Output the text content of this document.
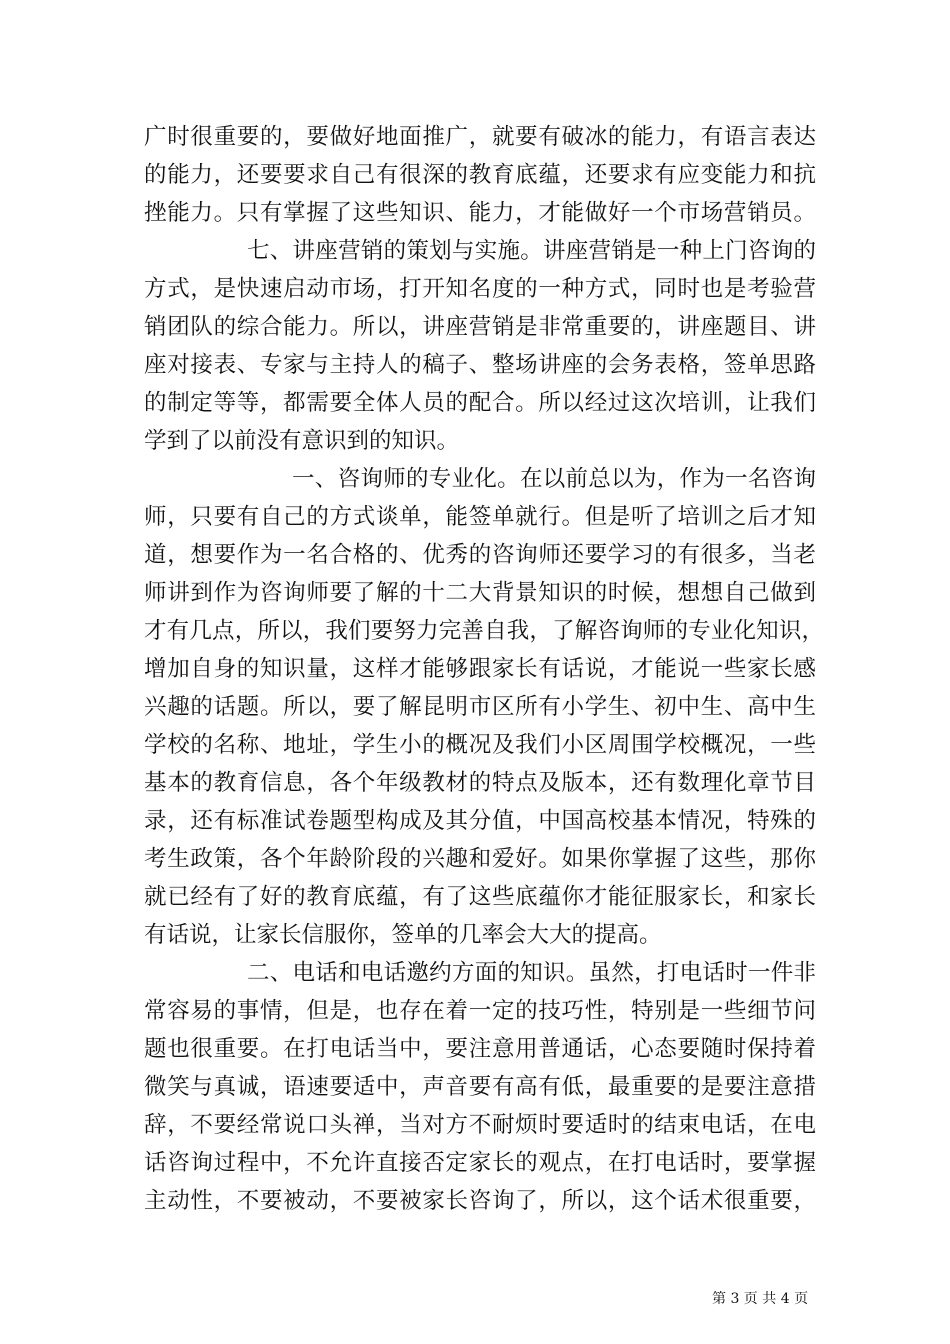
广时很重要的，要做好地面推广，就要有破冰的能力，有语言表达
的能力，还要要求自己有很深的教育底蕴，还要求有应变能力和抗
挫能力。只有掌握了这些知识、能力，才能做好一个市场营销员。
七、讲座营销的策划与实施。讲座营销是一种上门咨询的
方式，是快速启动市场，打开知名度的一种方式，同时也是考验营
销团队的综合能力。所以，讲座营销是非常重要的，讲座题目、讲
座对接表、专家与主持人的稿子、整场讲座的会务表格，签单思路
的制定等等，都需要全体人员的配合。所以经过这次培训，让我们
学到了以前没有意识到的知识。
一、咨询师的专业化。在以前总以为，作为一名咨询
师，只要有自己的方式谈单，能签单就行。但是听了培训之后才知
道，想要作为一名合格的、优秀的咨询师还要学习的有很多，当老
师讲到作为咨询师要了解的十二大背景知识的时候，想想自己做到
才有几点，所以，我们要努力完善自我，了解咨询师的专业化知识，
增加自身的知识量，这样才能够跟家长有话说，才能说一些家长感
兴趣的话题。所以，要了解昆明市区所有小学生、初中生、高中生
学校的名称、地址，学生小的概况及我们小区周围学校概况，一些
基本的教育信息，各个年级教材的特点及版本，还有数理化章节目
录，还有标准试卷题型构成及其分值，中国高校基本情况，特殊的
考生政策，各个年龄阶段的兴趣和爱好。如果你掌握了这些，那你
就已经有了好的教育底蕴，有了这些底蕴你才能征服家长，和家长
有话说，让家长信服你，签单的几率会大大的提高。
二、电话和电话邀约方面的知识。虽然，打电话时一件非
常容易的事情，但是，也存在着一定的技巧性，特别是一些细节问
题也很重要。在打电话当中，要注意用普通话，心态要随时保持着
微笑与真诚，语速要适中，声音要有高有低，最重要的是要注意措
辞，不要经常说口头禅，当对方不耐烦时要适时的结束电话，在电
话咨询过程中，不允许直接否定家长的观点，在打电话时，要掌握
主动性，不要被动，不要被家长咨询了，所以，这个话术很重要，
第 3 页 共 4 页
